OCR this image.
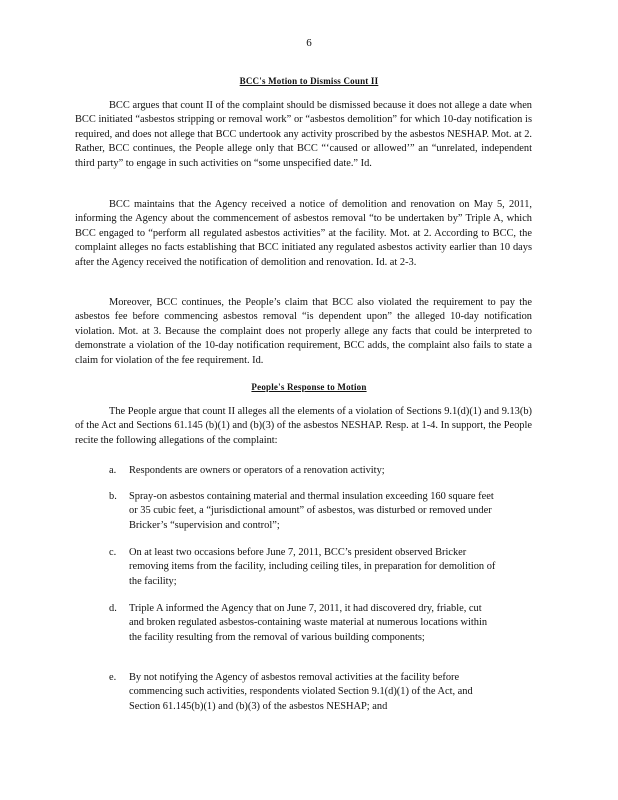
6
BCC's Motion to Dismiss Count II

BCC argues that count II of the complaint should be dismissed because it does not allege a date when BCC initiated “asbestos stripping or removal work” or “asbestos demolition” for which 10-day notification is required, and does not allege that BCC undertook any activity proscribed by the asbestos NESHAP. Mot. at 2. Rather, BCC continues, the People allege only that BCC “‘caused or allowed’” an “unrelated, independent third party” to engage in such activities on “some unspecified date.” Id.

BCC maintains that the Agency received a notice of demolition and renovation on May 5, 2011, informing the Agency about the commencement of asbestos removal “to be undertaken by” Triple A, which BCC engaged to “perform all regulated asbestos activities” at the facility. Mot. at 2. According to BCC, the complaint alleges no facts establishing that BCC initiated any regulated asbestos activity earlier than 10 days after the Agency received the notification of demolition and renovation. Id. at 2-3.

Moreover, BCC continues, the People’s claim that BCC also violated the requirement to pay the asbestos fee before commencing asbestos removal “is dependent upon” the alleged 10-day notification violation. Mot. at 3. Because the complaint does not properly allege any facts that could be interpreted to demonstrate a violation of the 10-day notification requirement, BCC adds, the complaint also fails to state a claim for violation of the fee requirement. Id.

People's Response to Motion

The People argue that count II alleges all the elements of a violation of Sections 9.1(d)(1) and 9.13(b) of the Act and Sections 61.145 (b)(1) and (b)(3) of the asbestos NESHAP. Resp. at 1-4. In support, the People recite the following allegations of the complaint:

a.	Respondents are owners or operators of a renovation activity;
b.	Spray-on asbestos containing material and thermal insulation exceeding 160 square feet or 35 cubic feet, a “jurisdictional amount” of asbestos, was disturbed or removed under Bricker’s “supervision and control”;
c.	On at least two occasions before June 7, 2011, BCC’s president observed Bricker removing items from the facility, including ceiling tiles, in preparation for demolition of the facility;
d.	Triple A informed the Agency that on June 7, 2011, it had discovered dry, friable, cut and broken regulated asbestos-containing waste material at numerous locations within the facility resulting from the removal of various building components;
e.	By not notifying the Agency of asbestos removal activities at the facility before commencing such activities, respondents violated Section 9.1(d)(1) of the Act, and Section 61.145(b)(1) and (b)(3) of the asbestos NESHAP; and
